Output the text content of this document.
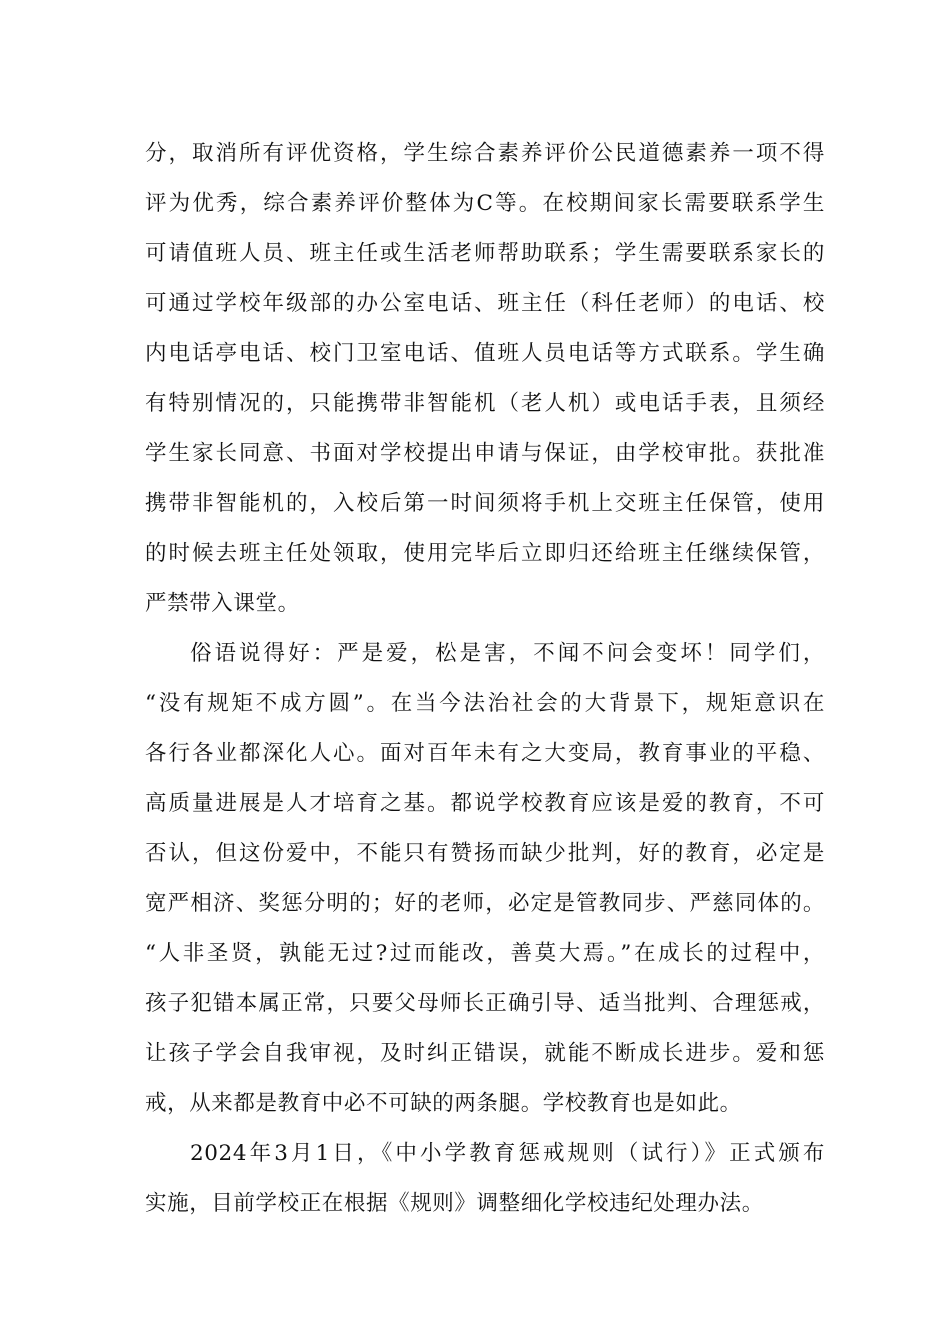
分，取消所有评优资格，学生综合素养评价公民道德素养一项不得
评为优秀，综合素养评价整体为C等。在校期间家长需要联系学生
可请值班人员、班主任或生活老师帮助联系；学生需要联系家长的
可通过学校年级部的办公室电话、班主任（科任老师）的电话、校
内电话亭电话、校门卫室电话、值班人员电话等方式联系。学生确
有特别情况的，只能携带非智能机（老人机）或电话手表，且须经
学生家长同意、书面对学校提出申请与保证，由学校审批。获批准
携带非智能机的，入校后第一时间须将手机上交班主任保管，使用
的时候去班主任处领取，使用完毕后立即归还给班主任继续保管，
严禁带入课堂。
俗语说得好：严是爱，松是害，不闻不问会变坏！同学们，
“没有规矩不成方圆”。在当今法治社会的大背景下，规矩意识在
各行各业都深化人心。面对百年未有之大变局，教育事业的平稳、
高质量进展是人才培育之基。都说学校教育应该是爱的教育，不可
否认，但这份爱中，不能只有赞扬而缺少批判，好的教育，必定是
宽严相济、奖惩分明的；好的老师，必定是管教同步、严慈同体的。
“人非圣贤，孰能无过?过而能改，善莫大焉。”在成长的过程中，
孩子犯错本属正常，只要父母师长正确引导、适当批判、合理惩戒，
让孩子学会自我审视，及时纠正错误，就能不断成长进步。爱和惩
戒，从来都是教育中必不可缺的两条腿。学校教育也是如此。
2024年3月1日，《中小学教育惩戒规则（试行）》正式颁布
实施，目前学校正在根据《规则》调整细化学校违纪处理办法。
